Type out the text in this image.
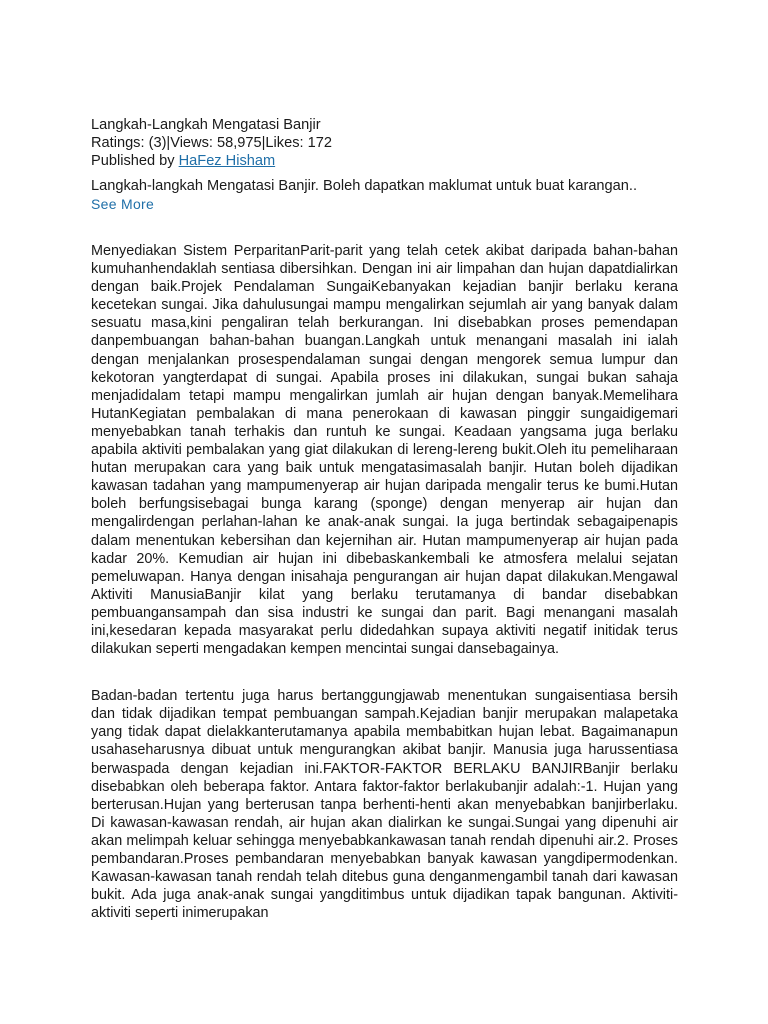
Langkah-Langkah Mengatasi Banjir
Ratings: (3)|Views: 58,975|Likes: 172
Published by HaFez Hisham
Langkah-langkah Mengatasi Banjir. Boleh dapatkan maklumat untuk buat karangan..
See More

Menyediakan Sistem PerparitanParit-parit yang telah cetek akibat daripada bahan-bahan kumuhanhendaklah sentiasa dibersihkan. Dengan ini air limpahan dan hujan dapatdialirkan dengan baik.Projek Pendalaman SungaiKebanyakan kejadian banjir berlaku kerana kecetekan sungai. Jika dahulusungai mampu mengalirkan sejumlah air yang banyak dalam sesuatu masa,kini pengaliran telah berkurangan. Ini disebabkan proses pemendapan danpembuangan bahan-bahan buangan.Langkah untuk menangani masalah ini ialah dengan menjalankan prosespendalaman sungai dengan mengorek semua lumpur dan kekotoran yangterdapat di sungai. Apabila proses ini dilakukan, sungai bukan sahaja menjadidalam tetapi mampu mengalirkan jumlah air hujan dengan banyak.Memelihara HutanKegiatan pembalakan di mana penerokaan di kawasan pinggir sungaidigemari menyebabkan tanah terhakis dan runtuh ke sungai. Keadaan yangsama juga berlaku apabila aktiviti pembalakan yang giat dilakukan di lereng-lereng bukit.Oleh itu pemeliharaan hutan merupakan cara yang baik untuk mengatasimasalah banjir. Hutan boleh dijadikan kawasan tadahan yang mampumenyerap air hujan daripada mengalir terus ke bumi.Hutan boleh berfungsisebagai bunga karang (sponge) dengan menyerap air hujan dan mengalirdengan perlahan-lahan ke anak-anak sungai. Ia juga bertindak sebagaipenapis dalam menentukan kebersihan dan kejernihan air. Hutan mampumenyerap air hujan pada kadar 20%. Kemudian air hujan ini dibebaskankembali ke atmosfera melalui sejatan pemeluwapan. Hanya dengan inisahaja pengurangan air hujan dapat dilakukan.Mengawal Aktiviti ManusiaBanjir kilat yang berlaku terutamanya di bandar disebabkan pembuangansampah dan sisa industri ke sungai dan parit. Bagi menangani masalah ini,kesedaran kepada masyarakat perlu didedahkan supaya aktiviti negatif initidak terus dilakukan seperti mengadakan kempen mencintai sungai dansebagainya.

Badan-badan tertentu juga harus bertanggungjawab menentukan sungaisentiasa bersih dan tidak dijadikan tempat pembuangan sampah.Kejadian banjir merupakan malapetaka yang tidak dapat dielakkanterutamanya apabila membabitkan hujan lebat. Bagaimanapun usahaseharusnya dibuat untuk mengurangkan akibat banjir. Manusia juga harussentiasa berwaspada dengan kejadian ini.FAKTOR-FAKTOR BERLAKU BANJIRBanjir berlaku disebabkan oleh beberapa faktor. Antara faktor-faktor berlakubanjir adalah:-1. Hujan yang berterusan.Hujan yang berterusan tanpa berhenti-henti akan menyebabkan banjirberlaku. Di kawasan-kawasan rendah, air hujan akan dialirkan ke sungai.Sungai yang dipenuhi air akan melimpah keluar sehingga menyebabkankawasan tanah rendah dipenuhi air.2. Proses pembandaran.Proses pembandaran menyebabkan banyak kawasan yangdipermodenkan. Kawasan-kawasan tanah rendah telah ditebus guna denganmengambil tanah dari kawasan bukit. Ada juga anak-anak sungai yangditimbus untuk dijadikan tapak bangunan. Aktiviti-aktiviti seperti inimerupakan
